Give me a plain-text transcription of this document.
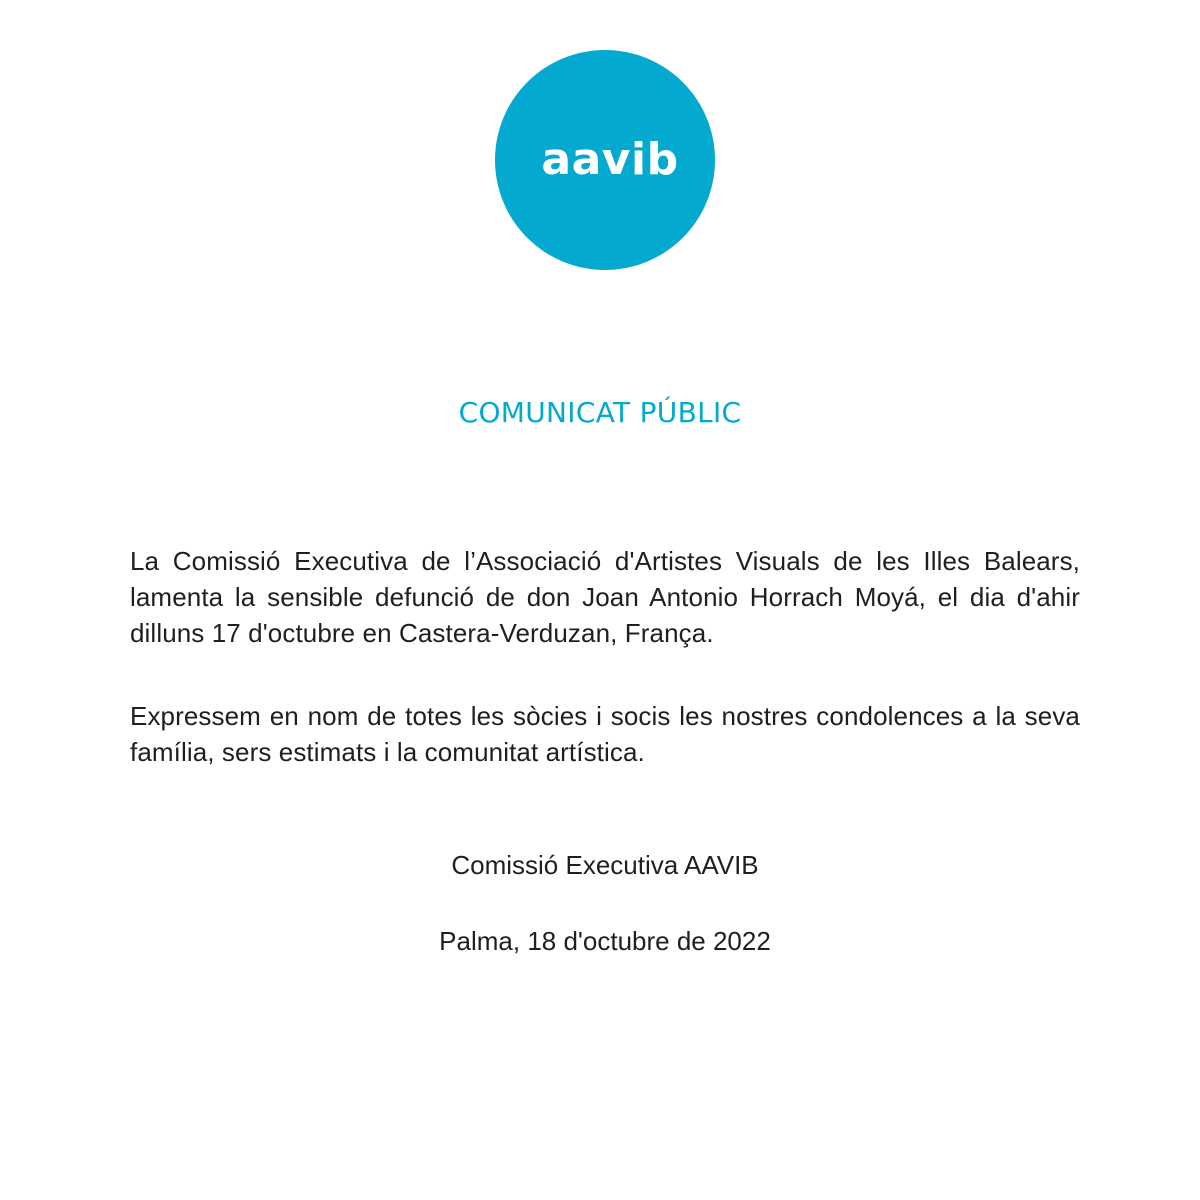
aavib
COMUNICAT PÚBLIC

La Comissió Executiva de l’Associació d'Artistes Visuals de les Illes Balears, lamenta la sensible defunció de don Joan Antonio Horrach Moyá, el dia d'ahir dilluns 17 d'octubre en Castera-Verduzan, França.

Expressem en nom de totes les sòcies i socis les nostres condolences a la seva família, sers estimats i la comunitat artística.

Comissió Executiva AAVIB

Palma, 18 d'octubre de 2022
